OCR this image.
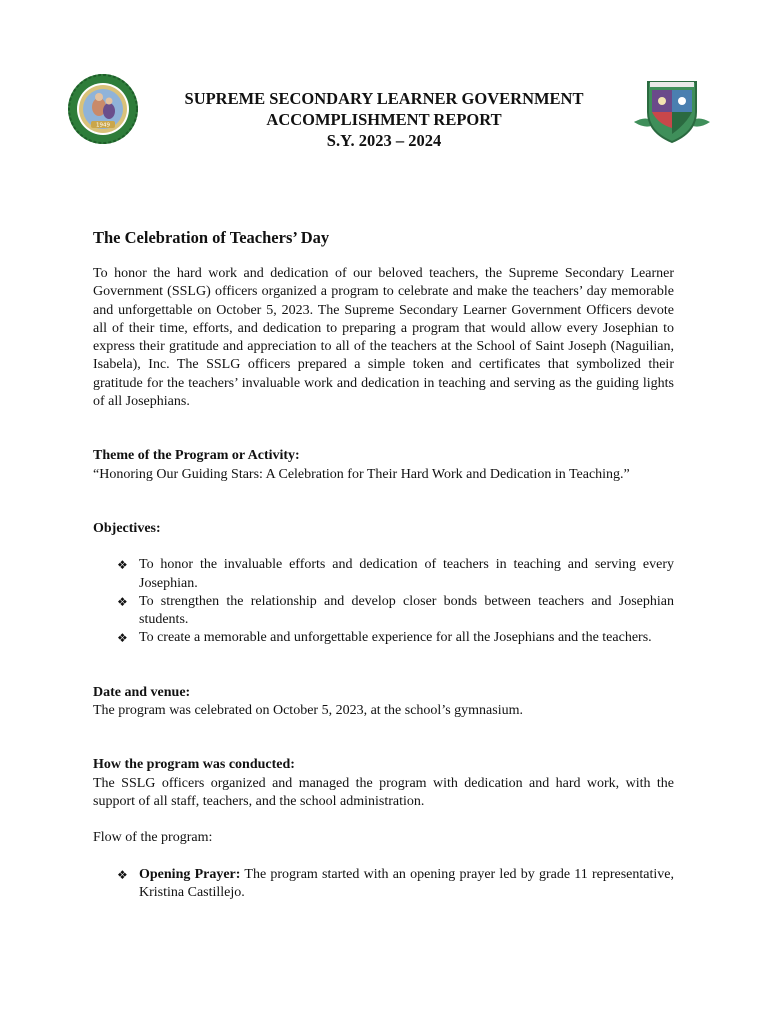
1949
SUPREME SECONDARY LEARNER GOVERNMENT
ACCOMPLISHMENT REPORT
S.Y. 2023 – 2024

The Celebration of Teachers’ Day

To honor the hard work and dedication of our beloved teachers, the Supreme Secondary Learner Government (SSLG) officers organized a program to celebrate and make the teachers’ day memorable and unforgettable on October 5, 2023. The Supreme Secondary Learner Government Officers devote all of their time, efforts, and dedication to preparing a program that would allow every Josephian to express their gratitude and appreciation to all of the teachers at the School of Saint Joseph (Naguilian, Isabela), Inc. The SSLG officers prepared a simple token and certificates that symbolized their gratitude for the teachers’ invaluable work and dedication in teaching and serving as the guiding lights of all Josephians.

Theme of the Program or Activity:

“Honoring Our Guiding Stars: A Celebration for Their Hard Work and Dedication in Teaching.”

Objectives:

❖ To honor the invaluable efforts and dedication of teachers in teaching and serving every Josephian.
❖ To strengthen the relationship and develop closer bonds between teachers and Josephian students.
❖ To create a memorable and unforgettable experience for all the Josephians and the teachers.

Date and venue:

The program was celebrated on October 5, 2023, at the school’s gymnasium.

How the program was conducted:

The SSLG officers organized and managed the program with dedication and hard work, with the support of all staff, teachers, and the school administration.

Flow of the program:

❖ Opening Prayer: The program started with an opening prayer led by grade 11 representative, Kristina Castillejo.
